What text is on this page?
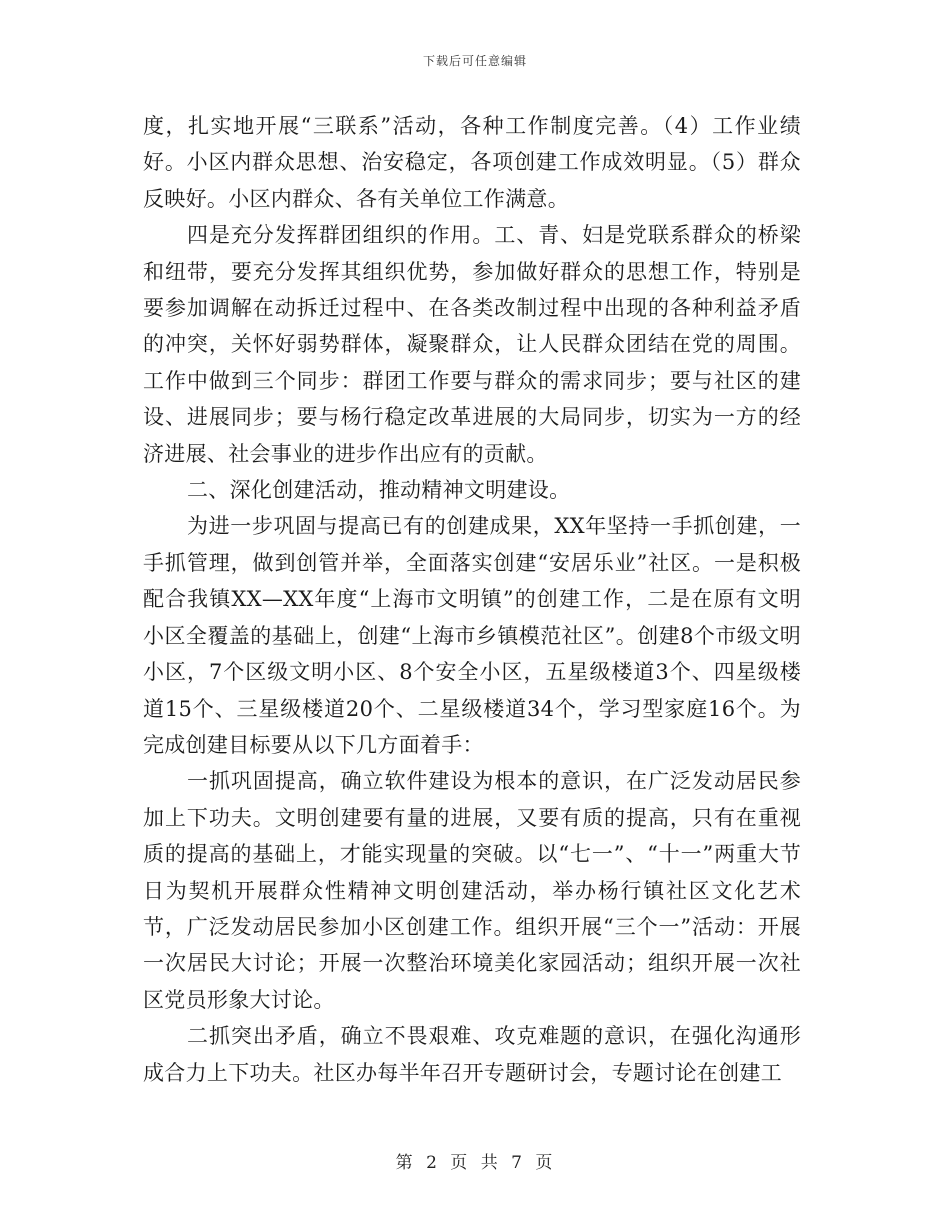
下载后可任意编辑

度，扎实地开展“三联系”活动，各种工作制度完善。（4）工作业绩好。小区内群众思想、治安稳定，各项创建工作成效明显。（5）群众反映好。小区内群众、各有关单位工作满意。

四是充分发挥群团组织的作用。工、青、妇是党联系群众的桥梁和纽带，要充分发挥其组织优势，参加做好群众的思想工作，特别是要参加调解在动拆迁过程中、在各类改制过程中出现的各种利益矛盾的冲突，关怀好弱势群体，凝聚群众，让人民群众团结在党的周围。工作中做到三个同步：群团工作要与群众的需求同步；要与社区的建设、进展同步；要与杨行稳定改革进展的大局同步，切实为一方的经济进展、社会事业的进步作出应有的贡献。

二、深化创建活动，推动精神文明建设。

为进一步巩固与提高已有的创建成果，XX年坚持一手抓创建，一手抓管理，做到创管并举，全面落实创建“安居乐业”社区。一是积极配合我镇XX—XX年度“上海市文明镇”的创建工作，二是在原有文明小区全覆盖的基础上，创建“上海市乡镇模范社区”。创建8个市级文明小区，7个区级文明小区、8个安全小区，五星级楼道3个、四星级楼道15个、三星级楼道20个、二星级楼道34个，学习型家庭16个。为完成创建目标要从以下几方面着手：

一抓巩固提高，确立软件建设为根本的意识，在广泛发动居民参加上下功夫。文明创建要有量的进展，又要有质的提高，只有在重视质的提高的基础上，才能实现量的突破。以“七一”、“十一”两重大节日为契机开展群众性精神文明创建活动，举办杨行镇社区文化艺术节，广泛发动居民参加小区创建工作。组织开展“三个一”活动：开展一次居民大讨论；开展一次整治环境美化家园活动；组织开展一次社区党员形象大讨论。

二抓突出矛盾，确立不畏艰难、攻克难题的意识，在强化沟通形成合力上下功夫。社区办每半年召开专题研讨会，专题讨论在创建工

第 2 页 共 7 页
